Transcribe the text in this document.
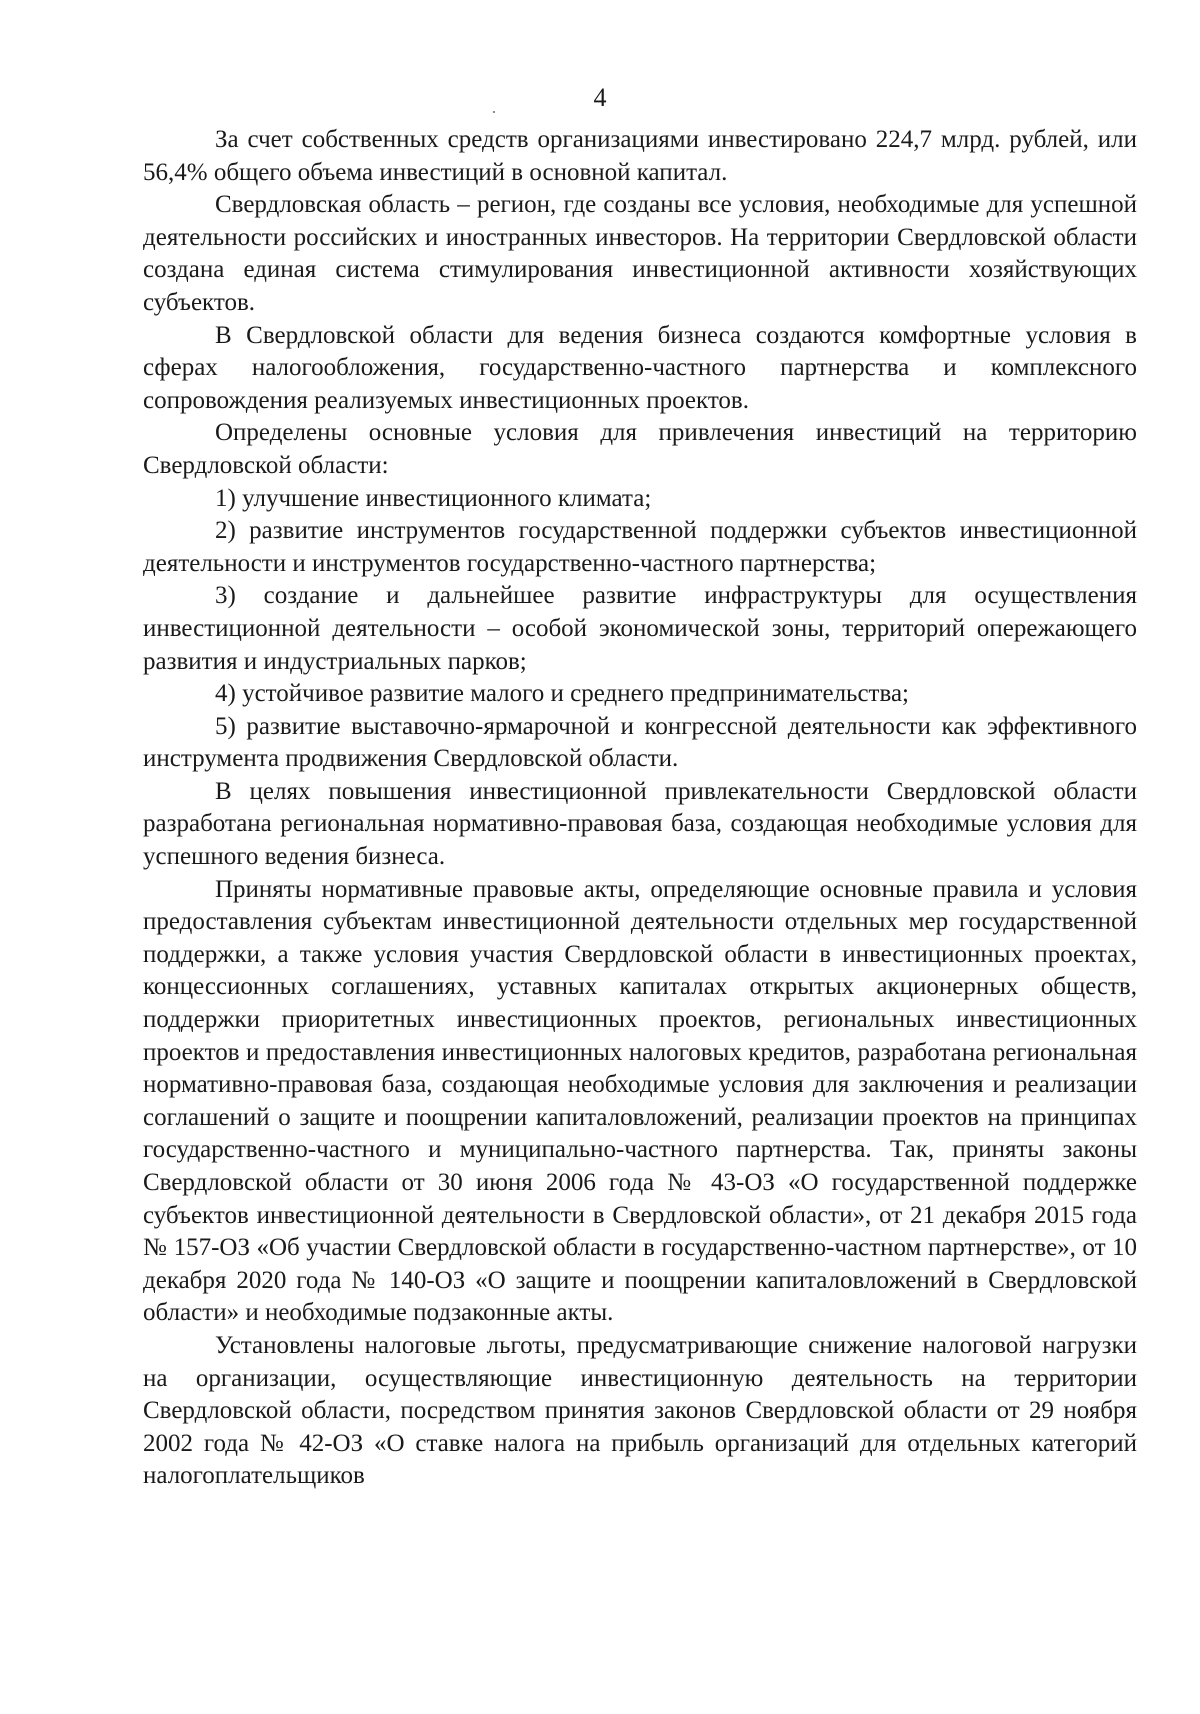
4

За счет собственных средств организациями инвестировано 224,7 млрд. рублей, или 56,4% общего объема инвестиций в основной капитал.

Свердловская область – регион, где созданы все условия, необходимые для успешной деятельности российских и иностранных инвесторов. На территории Свердловской области создана единая система стимулирования инвестиционной активности хозяйствующих субъектов.

В Свердловской области для ведения бизнеса создаются комфортные условия в сферах налогообложения, государственно-частного партнерства и комплексного сопровождения реализуемых инвестиционных проектов.

Определены основные условия для привлечения инвестиций на территорию Свердловской области:

1) улучшение инвестиционного климата;

2) развитие инструментов государственной поддержки субъектов инвестиционной деятельности и инструментов государственно-частного партнерства;

3) создание и дальнейшее развитие инфраструктуры для осуществления инвестиционной деятельности – особой экономической зоны, территорий опережающего развития и индустриальных парков;

4) устойчивое развитие малого и среднего предпринимательства;

5) развитие выставочно-ярмарочной и конгрессной деятельности как эффективного инструмента продвижения Свердловской области.

В целях повышения инвестиционной привлекательности Свердловской области разработана региональная нормативно-правовая база, создающая необходимые условия для успешного ведения бизнеса.

Приняты нормативные правовые акты, определяющие основные правила и условия предоставления субъектам инвестиционной деятельности отдельных мер государственной поддержки, а также условия участия Свердловской области в инвестиционных проектах, концессионных соглашениях, уставных капиталах открытых акционерных обществ, поддержки приоритетных инвестиционных проектов, региональных инвестиционных проектов и предоставления инвестиционных налоговых кредитов, разработана региональная нормативно-правовая база, создающая необходимые условия для заключения и реализации соглашений о защите и поощрении капиталовложений, реализации проектов на принципах государственно-частного и муниципально-частного партнерства. Так, приняты законы Свердловской области от 30 июня 2006 года № 43-ОЗ «О государственной поддержке субъектов инвестиционной деятельности в Свердловской области», от 21 декабря 2015 года № 157-ОЗ «Об участии Свердловской области в государственно-частном партнерстве», от 10 декабря 2020 года № 140-ОЗ «О защите и поощрении капиталовложений в Свердловской области» и необходимые подзаконные акты.

Установлены налоговые льготы, предусматривающие снижение налоговой нагрузки на организации, осуществляющие инвестиционную деятельность на территории Свердловской области, посредством принятия законов Свердловской области от 29 ноября 2002 года № 42-ОЗ «О ставке налога на прибыль организаций для отдельных категорий налогоплательщиков
